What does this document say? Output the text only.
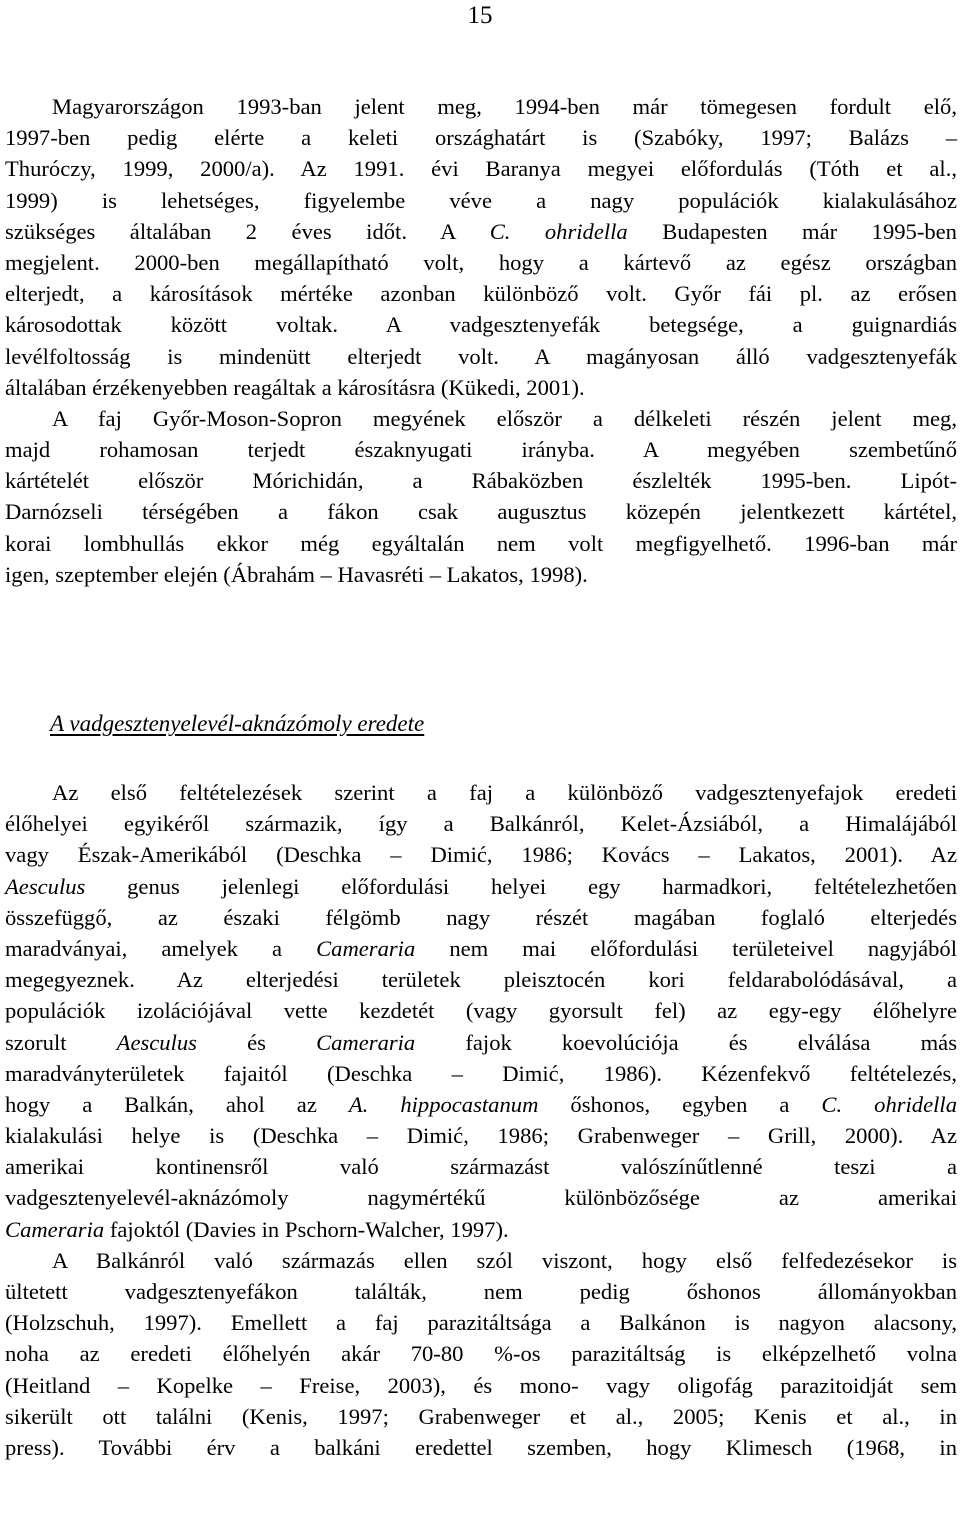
15
Magyarországon 1993-ban jelent meg, 1994-ben már tömegesen fordult elő,
1997-ben pedig elérte a keleti országhatárt is (Szabóky, 1997; Balázs –
Thuróczy, 1999, 2000/a). Az 1991. évi Baranya megyei előfordulás (Tóth et al.,
1999) is lehetséges, figyelembe véve a nagy populációk kialakulásához
szükséges általában 2 éves időt. A C. ohridella Budapesten már 1995-ben
megjelent. 2000-ben megállapítható volt, hogy a kártevő az egész országban
elterjedt, a károsítások mértéke azonban különböző volt. Győr fái pl. az erősen
károsodottak között voltak. A vadgesztenyefák betegsége, a guignardiás
levélfoltosság is mindenütt elterjedt volt. A magányosan álló vadgesztenyefák
általában érzékenyebben reagáltak a károsításra (Kükedi, 2001).
A faj Győr-Moson-Sopron megyének először a délkeleti részén jelent meg,
majd rohamosan terjedt északnyugati irányba. A megyében szembetűnő
kártételét először Mórichidán, a Rábaközben észlelték 1995-ben. Lipót-
Darnózseli térségében a fákon csak augusztus közepén jelentkezett kártétel,
korai lombhullás ekkor még egyáltalán nem volt megfigyelhető. 1996-ban már
igen, szeptember elején (Ábrahám – Havasréti – Lakatos, 1998).
A vadgesztenyelevél-aknázómoly eredete
Az első feltételezések szerint a faj a különböző vadgesztenyefajok eredeti
élőhelyei egyikéről származik, így a Balkánról, Kelet-Ázsiából, a Himalájából
vagy Észak-Amerikából (Deschka – Dimić, 1986; Kovács – Lakatos, 2001). Az
Aesculus genus jelenlegi előfordulási helyei egy harmadkori, feltételezhetően
összefüggő, az északi félgömb nagy részét magában foglaló elterjedés
maradványai, amelyek a Cameraria nem mai előfordulási területeivel nagyjából
megegyeznek. Az elterjedési területek pleisztocén kori feldarabolódásával, a
populációk izolációjával vette kezdetét (vagy gyorsult fel) az egy-egy élőhelyre
szorult Aesculus és Cameraria fajok koevolúciója és elválása más
maradványterületek fajaitól (Deschka – Dimić, 1986). Kézenfekvő feltételezés,
hogy a Balkán, ahol az A. hippocastanum őshonos, egyben a C. ohridella
kialakulási helye is (Deschka – Dimić, 1986; Grabenweger – Grill, 2000). Az
amerikai kontinensről való származást valószínűtlenné teszi a
vadgesztenyelevél-aknázómoly nagymértékű különbözősége az amerikai
Cameraria fajoktól (Davies in Pschorn-Walcher, 1997).
A Balkánról való származás ellen szól viszont, hogy első felfedezésekor is
ültetett vadgesztenyefákon találták, nem pedig őshonos állományokban
(Holzschuh, 1997). Emellett a faj parazitáltsága a Balkánon is nagyon alacsony,
noha az eredeti élőhelyén akár 70-80 %-os parazitáltság is elképzelhető volna
(Heitland – Kopelke – Freise, 2003), és mono- vagy oligofág parazitoidját sem
sikerült ott találni (Kenis, 1997; Grabenweger et al., 2005; Kenis et al., in
press). További érv a balkáni eredettel szemben, hogy Klimesch (1968, in
